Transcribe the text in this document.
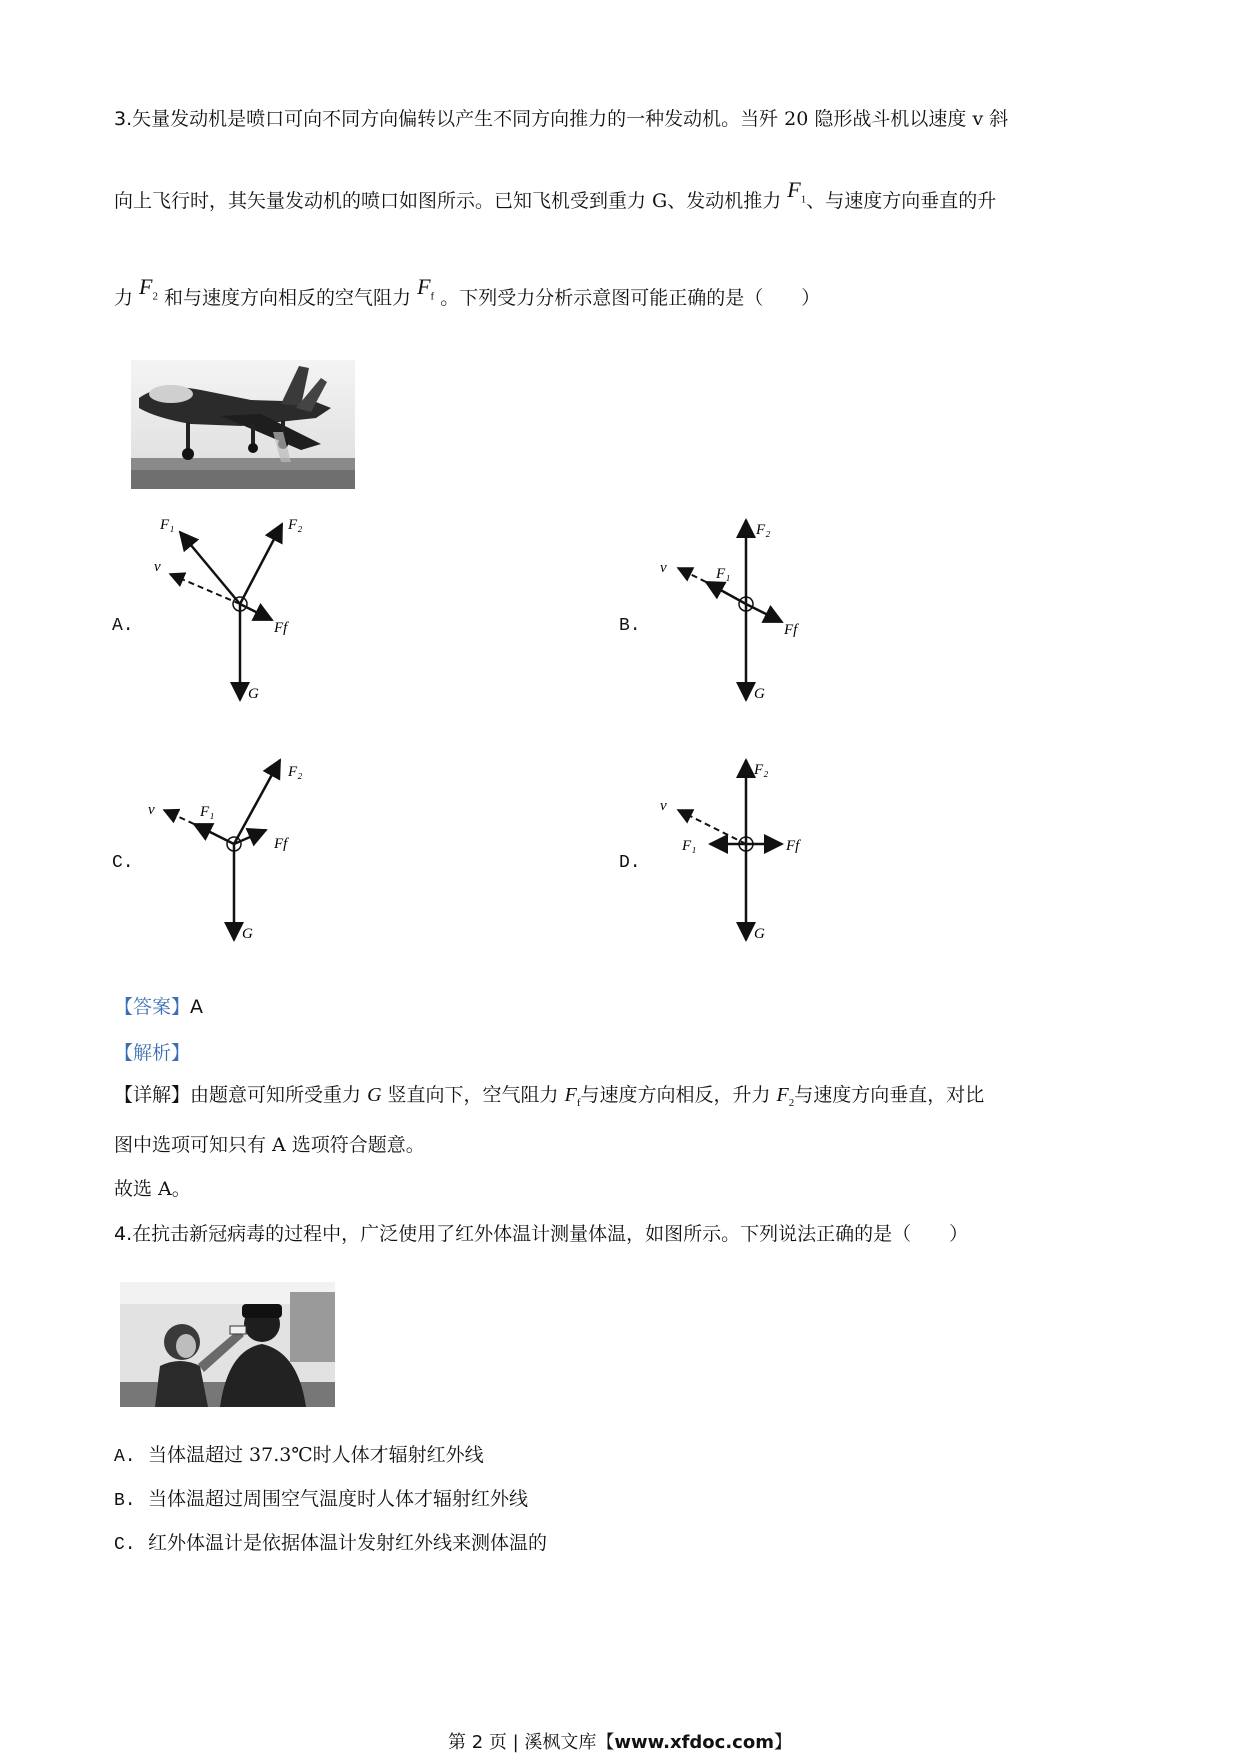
3.矢量发动机是喷口可向不同方向偏转以产生不同方向推力的一种发动机。当歼 20 隐形战斗机以速度 v 斜
向上飞行时，其矢量发动机的喷口如图所示。已知飞机受到重力 G、发动机推力 $F_1$、与速度方向垂直的升
力 $F_2$ 和与速度方向相反的空气阻力 $F_f$ 。下列受力分析示意图可能正确的是（　　）
A.
F₁	F₂
v
Ff
G
B.
F₂
F₁
v
Ff
G
C.
F₂
F₁
v
Ff
G
D.
F₂
F₁
v
Ff
G
【答案】A
【解析】
【详解】由题意可知所受重力 G 竖直向下，空气阻力 $F_f$与速度方向相反，升力 $F_2$与速度方向垂直，对比
图中选项可知只有 A 选项符合题意。
故选 A。
4.在抗击新冠病毒的过程中，广泛使用了红外体温计测量体温，如图所示。下列说法正确的是（　　）
A. 当体温超过 37.3℃时人体才辐射红外线
B. 当体温超过周围空气温度时人体才辐射红外线
C. 红外体温计是依据体温计发射红外线来测体温的
第 2 页 | 溪枫文库【www.xfdoc.com】
